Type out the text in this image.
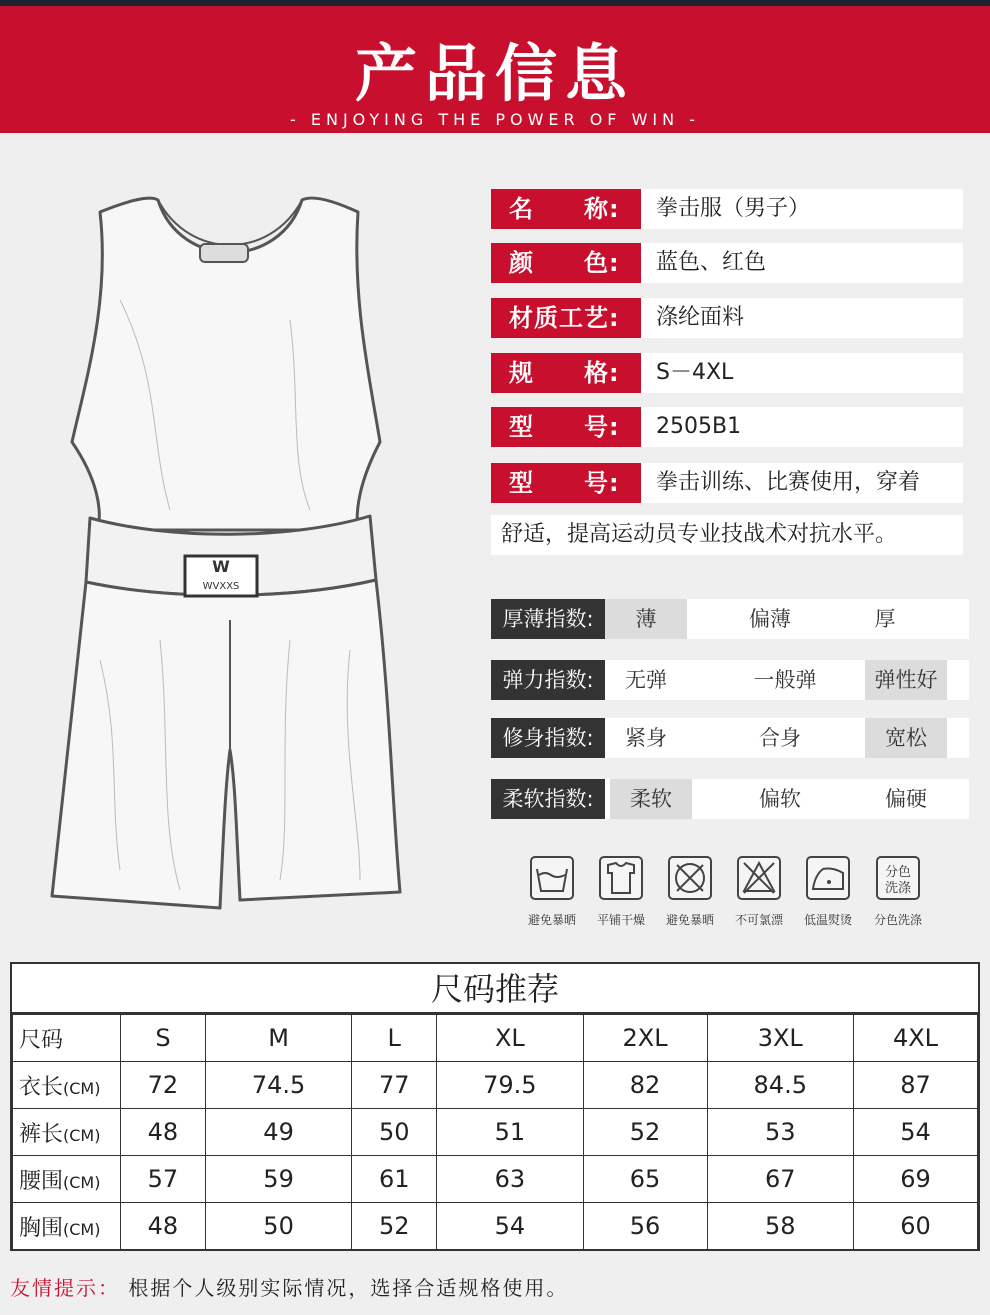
产品信息
- ENJOYING THE POWER OF WIN -
W
WVXXS
名　　称:	拳击服（男子）
颜　　色:	蓝色、红色
材质工艺:	涤纶面料
规　　格:	S－4XL
型　　号:	2505B1
型　　号:	拳击训练、比赛使用，穿着
舒适，提高运动员专业技战术对抗水平。
厚薄指数:	薄	偏薄	厚
弹力指数:	无弹	一般弹	弹性好
修身指数:	紧身	合身	宽松
柔软指数:	柔软	偏软	偏硬
避免暴晒	平铺干燥	避免暴晒	不可氯漂	低温熨烫
分色
洗涤
分色洗涤
尺码推荐
尺码	S	M	L	XL	2XL	3XL	4XL
衣长(CM)	72	74.5	77	79.5	82	84.5	87
裤长(CM)	48	49	50	51	52	53	54
腰围(CM)	57	59	61	63	65	67	69
胸围(CM)	48	50	52	54	56	58	60
友情提示： 根据个人级别实际情况，选择合适规格使用。
